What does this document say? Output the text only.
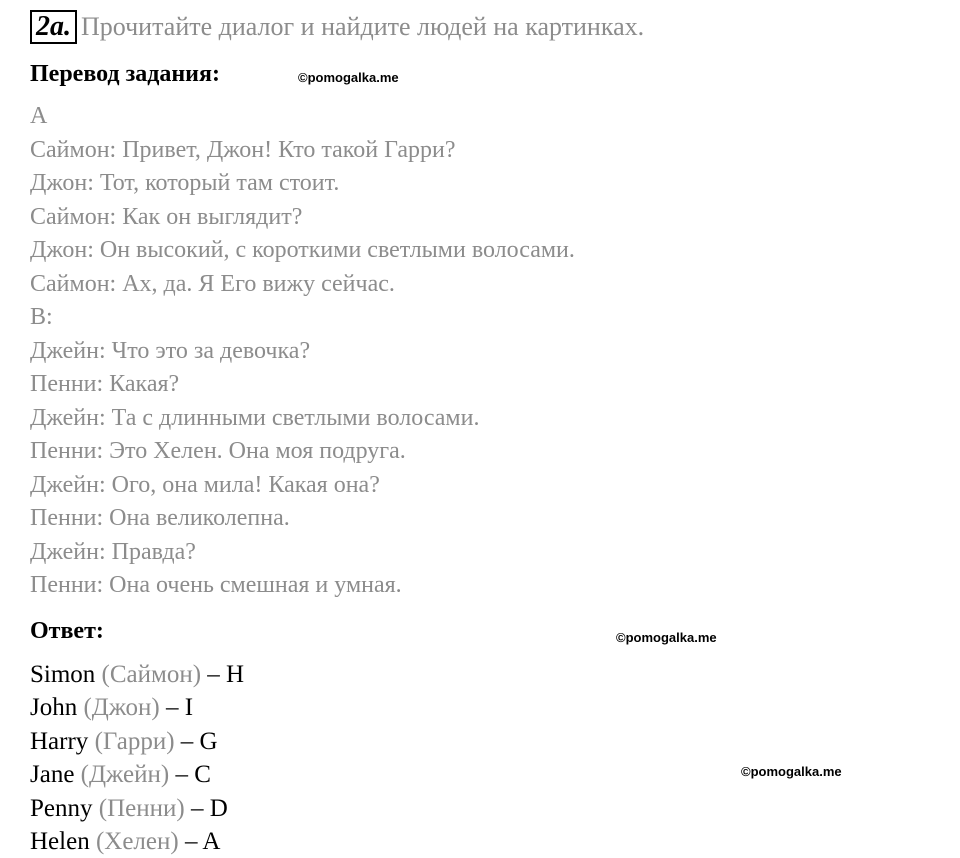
2a. Прочитайте диалог и найдите людей на картинках.
Перевод задания:	©pomogalka.me
A
Саймон: Привет, Джон! Кто такой Гарри?
Джон: Тот, который там стоит.
Саймон: Как он выглядит?
Джон: Он высокий, с короткими светлыми волосами.
Саймон: Ах, да. Я Его вижу сейчас.
B:
Джейн: Что это за девочка?
Пенни: Какая?
Джейн: Та с длинными светлыми волосами.
Пенни: Это Хелен. Она моя подруга.
Джейн: Ого, она мила! Какая она?
Пенни: Она великолепна.
Джейн: Правда?
Пенни: Она очень смешная и умная.
Ответ:	©pomogalka.me
©pomogalka.me
Simon (Саймон) – H
John (Джон) – I
Harry (Гарри) – G
Jane (Джейн) – C
Penny (Пенни) – D
Helen (Хелен) – A
